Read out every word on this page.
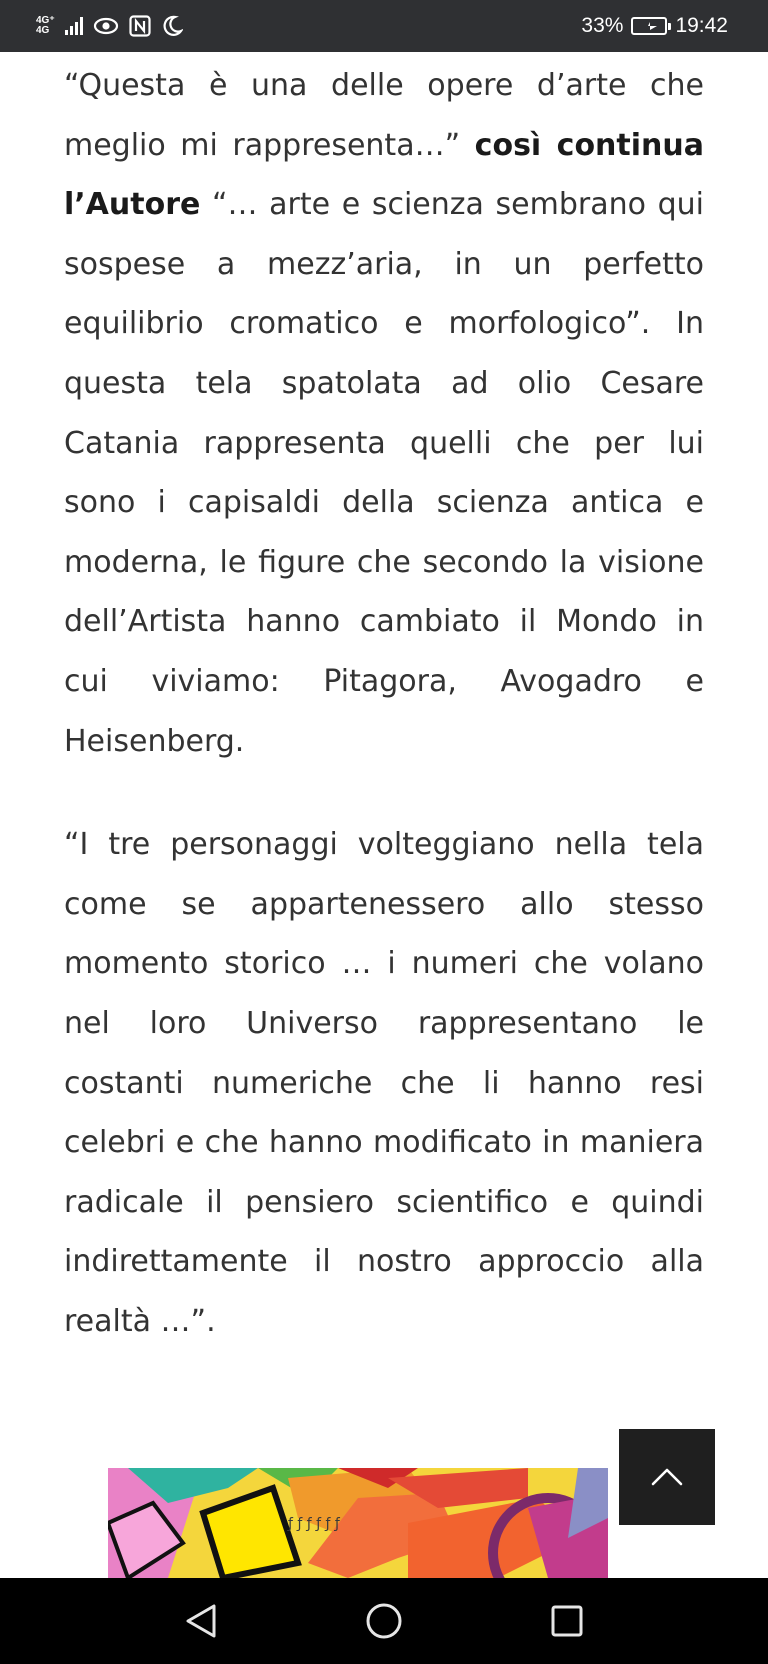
4G⁺
4G	33% 19:42

“Questa è una delle opere d’arte che meglio mi rappresenta…” così continua l’Autore “… arte e scienza sembrano qui sospese a mezz’aria, in un perfetto equilibrio cromatico e morfologico”. In questa tela spatolata ad olio Cesare Catania rappresenta quelli che per lui sono i capisaldi della scienza antica e moderna, le figure che secondo la visione dell’Artista hanno cambiato il Mondo in cui viviamo: Pitagora, Avogadro e Heisenberg.

“I tre personaggi volteggiano nella tela come se appartenessero allo stesso momento storico … i numeri che volano nel loro Universo rappresentano le costanti numeriche che li hanno resi celebri e che hanno modificato in maniera radicale il pensiero scientifico e quindi indirettamente il nostro approccio alla realtà …”.

ƒ ƒ ƒ ƒ ƒ ƒ
